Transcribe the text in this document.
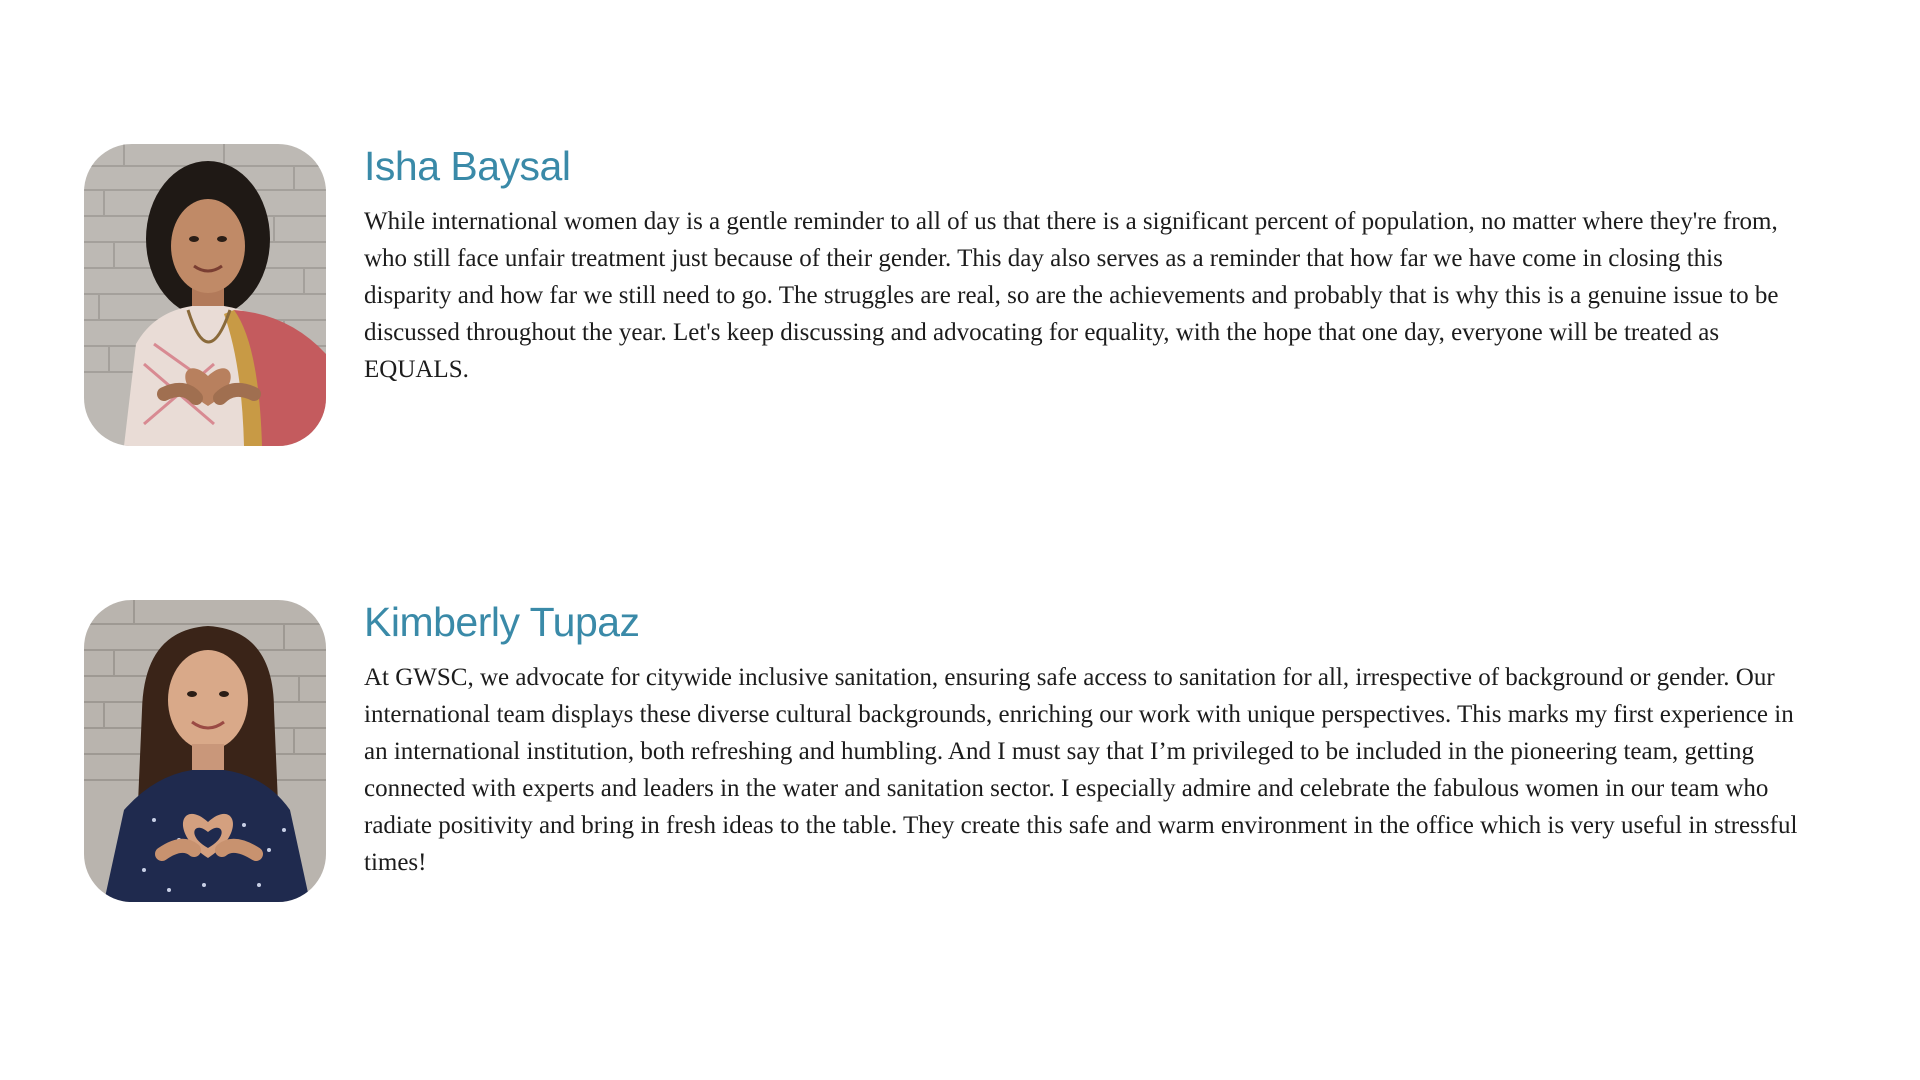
Isha Baysal

While international women day is a gentle reminder to all of us that there is a significant percent of population, no matter where they're from, who still face unfair treatment just because of their gender. This day also serves as a reminder that how far we have come in closing this disparity and how far we still need to go. The struggles are real, so are the achievements and probably that is why this is a genuine issue to be discussed throughout the year. Let's keep discussing and advocating for equality, with the hope that one day, everyone will be treated as EQUALS.

Kimberly Tupaz

At GWSC, we advocate for citywide inclusive sanitation, ensuring safe access to sanitation for all, irrespective of background or gender. Our international team displays these diverse cultural backgrounds, enriching our work with unique perspectives. This marks my first experience in an international institution, both refreshing and humbling. And I must say that I’m privileged to be included in the pioneering team, getting connected with experts and leaders in the water and sanitation sector. I especially admire and celebrate the fabulous women in our team who radiate positivity and bring in fresh ideas to the table. They create this safe and warm environment in the office which is very useful in stressful times!
